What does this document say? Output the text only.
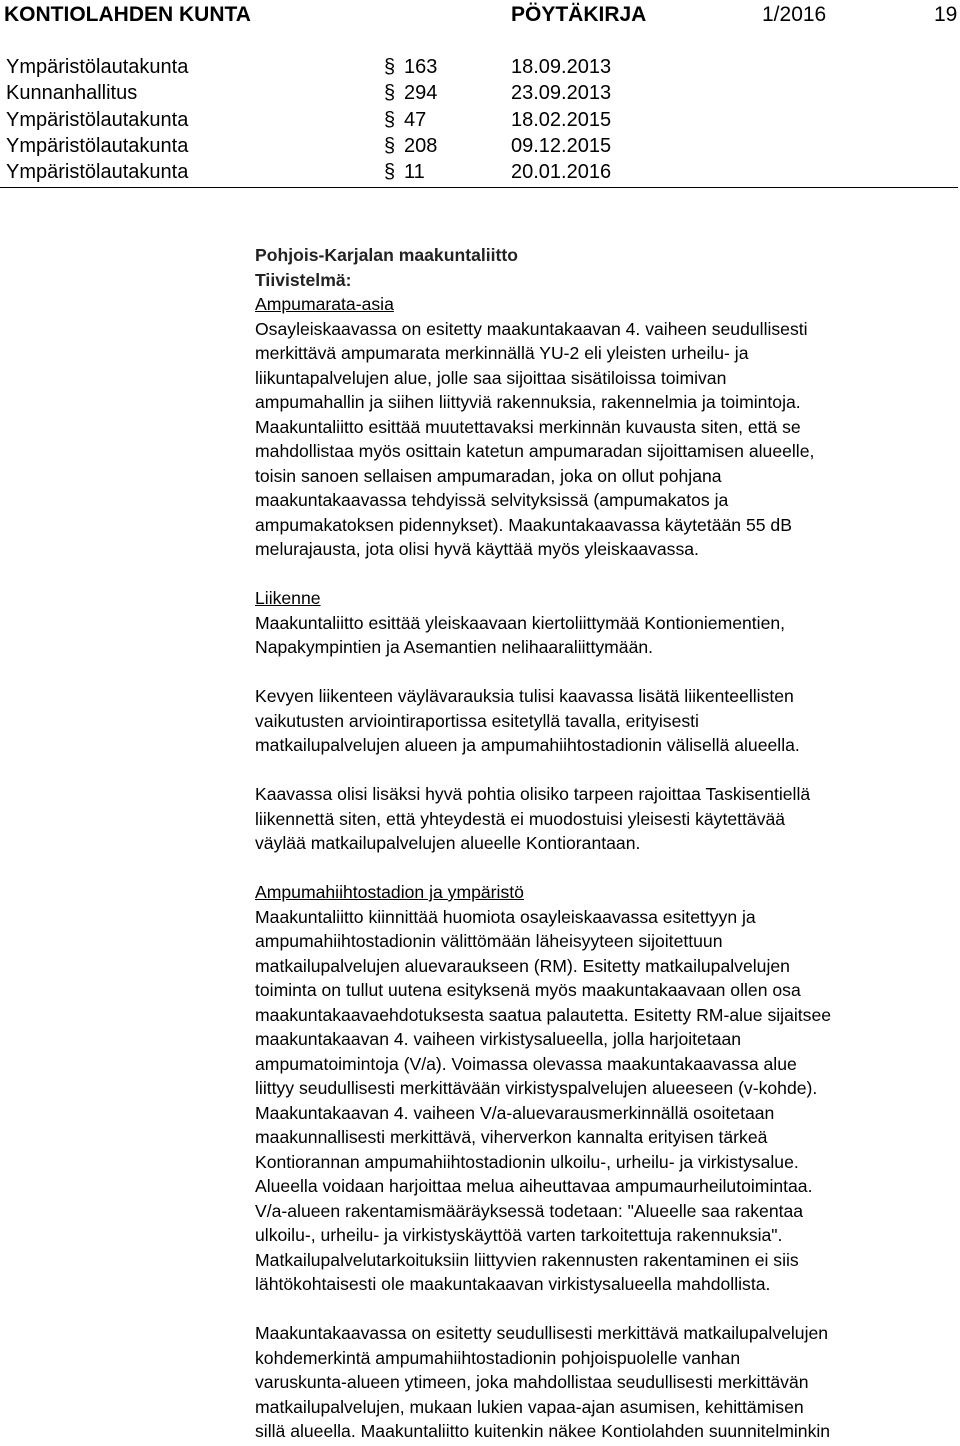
KONTIOLAHDEN KUNTA	PÖYTÄKIRJA	1/2016	19
Ympäristölautakunta	§ 163	18.09.2013
Kunnanhallitus	§ 294	23.09.2013
Ympäristölautakunta	§ 47	18.02.2015
Ympäristölautakunta	§ 208	09.12.2015
Ympäristölautakunta	§ 11	20.01.2016

Pohjois-Karjalan maakuntaliitto

Tiivistelmä:

Ampumarata-asia

Osayleiskaavassa on esitetty maakuntakaavan 4. vaiheen seudullisesti
merkittävä ampumarata merkinnällä YU-2 eli yleisten urheilu- ja
liikuntapalvelujen alue, jolle saa sijoittaa sisätiloissa toimivan
ampumahallin ja siihen liittyviä rakennuksia, rakennelmia ja toimintoja.
Maakuntaliitto esittää muutettavaksi merkinnän kuvausta siten, että se
mahdollistaa myös osittain katetun ampumaradan sijoittamisen alueelle,
toisin sanoen sellaisen ampumaradan, joka on ollut pohjana
maakuntakaavassa tehdyissä selvityksissä (ampumakatos ja
ampumakatoksen pidennykset). Maakuntakaavassa käytetään 55 dB
melurajausta, jota olisi hyvä käyttää myös yleiskaavassa.

Liikenne

Maakuntaliitto esittää yleiskaavaan kiertoliittymää Kontioniementien,
Napakympintien ja Asemantien nelihaaraliittymään.

Kevyen liikenteen väylävarauksia tulisi kaavassa lisätä liikenteellisten
vaikutusten arviointiraportissa esitetyllä tavalla, erityisesti
matkailupalvelujen alueen ja ampumahiihtostadionin välisellä alueella.

Kaavassa olisi lisäksi hyvä pohtia olisiko tarpeen rajoittaa Taskisentiellä
liikennettä siten, että yhteydestä ei muodostuisi yleisesti käytettävää
väylää matkailupalvelujen alueelle Kontiorantaan.

Ampumahiihtostadion ja ympäristö

Maakuntaliitto kiinnittää huomiota osayleiskaavassa esitettyyn ja
ampumahiihtostadionin välittömään läheisyyteen sijoitettuun
matkailupalvelujen aluevaraukseen (RM). Esitetty matkailupalvelujen
toiminta on tullut uutena esityksenä myös maakuntakaavaan ollen osa
maakuntakaavaehdotuksesta saatua palautetta. Esitetty RM-alue sijaitsee
maakuntakaavan 4. vaiheen virkistysalueella, jolla harjoitetaan
ampumatoimintoja (V/a). Voimassa olevassa maakuntakaavassa alue
liittyy seudullisesti merkittävään virkistyspalvelujen alueeseen (v-kohde).
Maakuntakaavan 4. vaiheen V/a-aluevarausmerkinnällä osoitetaan
maakunnallisesti merkittävä, viherverkon kannalta erityisen tärkeä
Kontiorannan ampumahiihtostadionin ulkoilu-, urheilu- ja virkistysalue.
Alueella voidaan harjoittaa melua aiheuttavaa ampumaurheilutoimintaa.
V/a-alueen rakentamismääräyksessä todetaan: "Alueelle saa rakentaa
ulkoilu-, urheilu- ja virkistyskäyttöä varten tarkoitettuja rakennuksia".
Matkailupalvelutarkoituksiin liittyvien rakennusten rakentaminen ei siis
lähtökohtaisesti ole maakuntakaavan virkistysalueella mahdollista.

Maakuntakaavassa on esitetty seudullisesti merkittävä matkailupalvelujen
kohdemerkintä ampumahiihtostadionin pohjoispuolelle vanhan
varuskunta-alueen ytimeen, joka mahdollistaa seudullisesti merkittävän
matkailupalvelujen, mukaan lukien vapaa-ajan asumisen, kehittämisen
sillä alueella. Maakuntaliitto kuitenkin näkee Kontiolahden suunnitelminkin
